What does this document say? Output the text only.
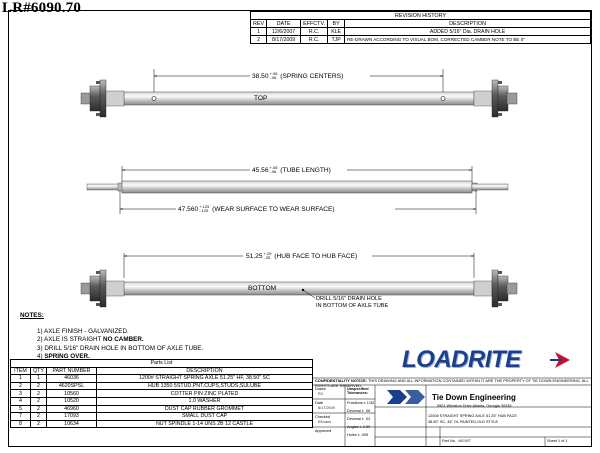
LR#6090.70	REVISION HISTORY				
REV	DATE	EFFCTV.	BY	DESCRIPTION
1	12/6/2007	R.C.	KLE	ADDED 5/16" Dia. DRAIN HOLE
2	8/17/2009	R.C.	TJP	RE-DRAWN ACCORDING TO VISUAL BOM, CORRECTED CAMBER NOTE TO BE 0"
38.50 +.06
-.06 (SPRING CENTERS)
TOP
45.56 +.06
-.06 (TUBE LENGTH)
47.560 +.125
-.125 (WEAR SURFACE TO WEAR SURFACE)
51.25 +.25
-.25 (HUB FACE TO HUB FACE)
BOTTOM
DRILL 5/16" DRAIN HOLE
IN BOTTOM OF AXLE TUBE
NOTES:
1) AXLE FINISH - GALVANIZED.
2) AXLE IS STRAIGHT NO CAMBER.
3) DRILL 5/16" DRAIN HOLE IN BOTTOM OF AXLE TUBE.
4) SPRING OVER.
Parts List			
ITEM	QTY	PART NUMBER	DESCRIPTION
1	1	46036	1200# STRAIGHT SPRING AXLE 51.25" HF, 38.50" SC
2	2	4620SPSL	HUB 1350 5STUD,PNT,CUPS,STUDS,SULUBE
3	2	10560	COTTER PIN ZINC PLATED
4	2	10520	1.0 WASHER
5	2	46960	DUST CAP RUBBER GROMMET
7	2	17093	SMALL DUST CAP
8	2	10634	NUT SPINDLE 1-14 UNS 2B 12 CASTLE
LOADRITE
CONFIDENTIALITY NOTICE: THIS DRAWING AND ALL INFORMATION CONTAINED WITHIN IT ARE THE PROPERTY OF TIE DOWN ENGINEERING. ALL RIGHTS ARE RESERVED.
Drawn
RC
Date
8/17/2009
Checked
KEvans
Approved
Unspecified Tolerances:
Fractions ± 1/32
Decimal ± .06
Decimal ± .03
Angles ± 0.50
Holes ± .005
Tie Down Engineering
5901 Wheaton Drive Atlanta, Georgia 30336
1200# STRAIGHT SPRING AXLE 51.25" HUB FACE
38.50" SC, 45" OL PAINTED,OLD STYLE
Part No. 46036T	Sheet 1 of 1
